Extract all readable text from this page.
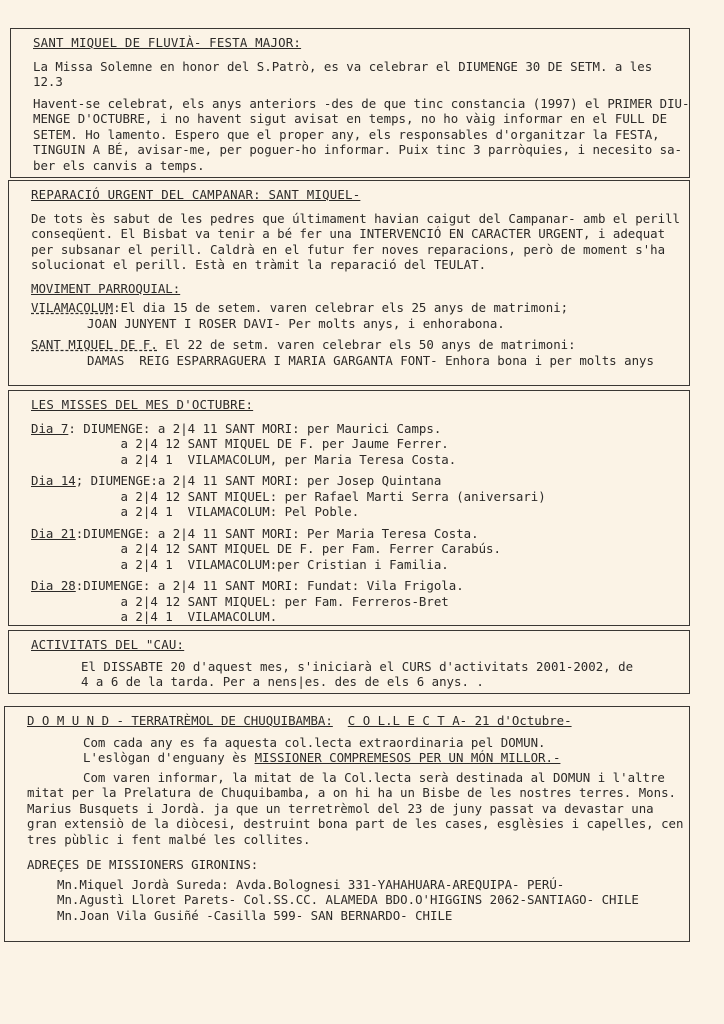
SANT MIQUEL DE FLUVIÀ- FESTA MAJOR:

La Missa Solemne en honor del S.Patrò, es va celebrar el DIUMENGE 30 DE SETM. a les 12.3

Havent-se celebrat, els anys anteriors -des de que tinc constancia (1997) el PRIMER DIU-
MENGE D'OCTUBRE, i no havent sigut avisat en temps, no ho vàig informar en el FULL DE
SETEM. Ho lamento. Espero que el proper any, els responsables d'organitzar la FESTA,
TINGUIN A BÉ, avisar-me, per poguer-ho informar. Puix tinc 3 parròquies, i necesito sa-
ber els canvis a temps.
REPARACIÓ URGENT DEL CAMPANAR: SANT MIQUEL-
De tots ès sabut de les pedres que últimament havian caigut del Campanar- amb el perill
conseqüent. El Bisbat va tenir a bé fer una INTERVENCIÓ EN CARACTER URGENT, i adequat
per subsanar el perill. Caldrà en el futur fer noves reparacions, però de moment s'ha
solucionat el perill. Està en tràmit la reparació del TEULAT.
MOVIMENT PARROQUIAL:
VILAMACOLUM:El dia 15 de setem. varen celebrar els 25 anys de matrimoni;
JOAN JUNYENT I ROSER DAVI- Per molts anys, i enhorabona.
SANT MIQUEL DE F. El 22 de setm. varen celebrar els 50 anys de matrimoni:
DAMAS  REIG ESPARRAGUERA I MARIA GARGANTA FONT- Enhora bona i per molts anys
LES MISSES DEL MES D'OCTUBRE:
Dia 7: DIUMENGE: a 2|4 11 SANT MORI: per Maurici Camps.
a 2|4 12 SANT MIQUEL DE F. per Jaume Ferrer.
a 2|4 1  VILAMACOLUM, per Maria Teresa Costa.
Dia 14; DIUMENGE:a 2|4 11 SANT MORI: per Josep Quintana
a 2|4 12 SANT MIQUEL: per Rafael Marti Serra (aniversari)
a 2|4 1  VILAMACOLUM: Pel Poble.
Dia 21:DIUMENGE: a 2|4 11 SANT MORI: Per Maria Teresa Costa.
a 2|4 12 SANT MIQUEL DE F. per Fam. Ferrer Carabús.
a 2|4 1  VILAMACOLUM:per Cristian i Familia.
Dia 28:DIUMENGE: a 2|4 11 SANT MORI: Fundat: Vila Frigola.
a 2|4 12 SANT MIQUEL: per Fam. Ferreros-Bret
a 2|4 1  VILAMACOLUM.
ACTIVITATS DEL "CAU:
El DISSABTE 20 d'aquest mes, s'iniciarà el CURS d'activitats 2001-2002, de
4 a 6 de la tarda. Per a nens|es. des de els 6 anys. .
D O M U N D - TERRATRÈMOL DE CHUQUIBAMBA: C O L.L E C T A- 21 d'Octubre-
Com cada any es fa aquesta col.lecta extraordinaria pel DOMUN.
L'eslògan d'enguany ès MISSIONER COMPREMESOS PER UN MÓN MILLOR.-
Com varen informar, la mitat de la Col.lecta serà destinada al DOMUN i l'altre
mitat per la Prelatura de Chuquibamba, a on hi ha un Bisbe de les nostres terres. Mons.
Marius Busquets i Jordà. ja que un terretrèmol del 23 de juny passat va devastar una
gran extensiò de la diòcesi, destruint bona part de les cases, esglèsies i capelles, cen
tres pùblic i fent malbé les collites.
ADREÇES DE MISSIONERS GIRONINS:
Mn.Miquel Jordà Sureda: Avda.Bolognesi 331-YAHAHUARA-AREQUIPA- PERÚ-
Mn.Agustì Lloret Parets- Col.SS.CC. ALAMEDA BDO.O'HIGGINS 2062-SANTIAGO- CHILE
Mn.Joan Vila Gusiñé -Casilla 599- SAN BERNARDO- CHILE
